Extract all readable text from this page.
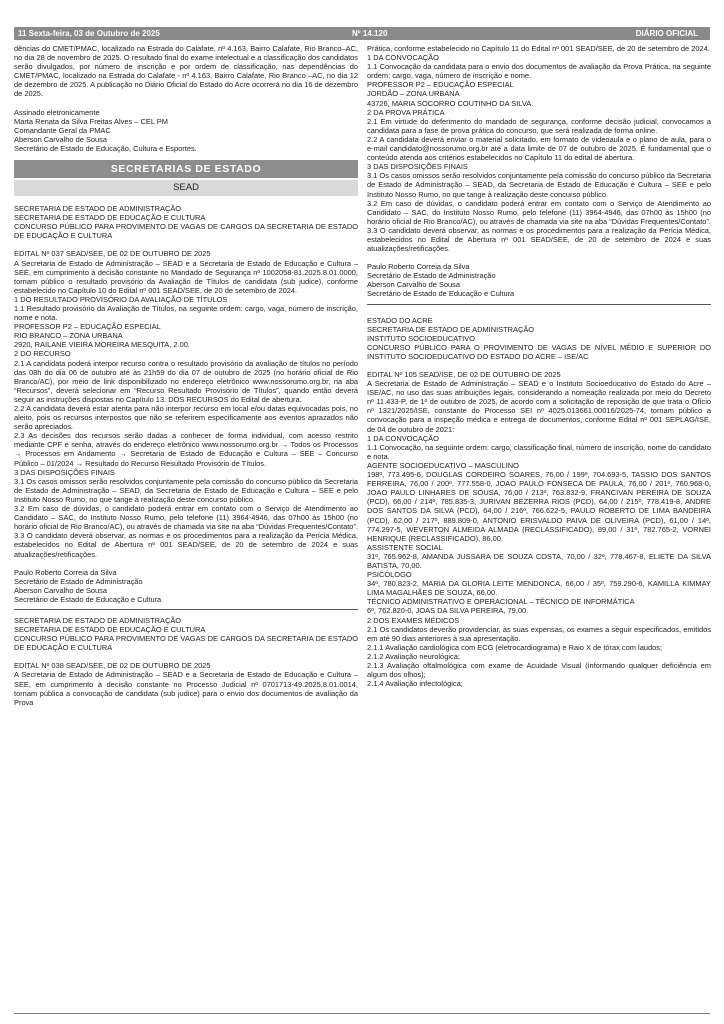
11 Sexta-feira, 03 de Outubro de 2025	Nº 14.120	DIÁRIO OFICIAL

dências do CMET/PMAC, localizado na Estrada do Calafate, nº 4.163, Bairro Calafate, Rio Branco–AC, no dia 28 de novembro de 2025. O resultado final do exame intelectual e a classificação dos candidatos serão divulgados, por número de inscrição e por ordem de classificação, nas dependências do CMET/PMAC, localizado na Estrada do Calafate - nº 4.163, Bairro Calafate, Rio Branco –AC, no dia 12 de dezembro de 2025. A publicação no Diário Oficial do Estado do Acre ocorrerá no dia 16 de dezembro de 2025.

Assinado eletronicamente

Marta Renata da Silva Freitas Alves – CEL PM

Comandante Geral da PMAC

Aberson Carvalho de Sousa

Secretário de Estado de Educação, Cultura e Esportes.

SECRETARIAS DE ESTADO
SEAD

SECRETARIA DE ESTADO DE ADMINISTRAÇÃO

SECRETARIA DE ESTADO DE EDUCAÇÃO E CULTURA

CONCURSO PÚBLICO PARA PROVIMENTO DE VAGAS DE CARGOS DA SECRETARIA DE ESTADO DE EDUCAÇÃO E CULTURA

EDITAL Nº 037 SEAD/SEE, DE 02 DE OUTUBRO DE 2025

A Secretaria de Estado de Administração – SEAD e a Secretaria de Estado de Educação e Cultura – SEE, em cumprimento à decisão constante no Mandado de Segurança nº 1002058-81.2025.8.01.0000, tornam público o resultado provisório da Avaliação de Títulos de candidata (sub judice), conforme estabelecido no Capítulo 10 do Edital nº 001 SEAD/SEE, de 20 de setembro de 2024.

1 DO RESULTADO PROVISÓRIO DA AVALIAÇÃO DE TÍTULOS

1.1 Resultado provisório da Avaliação de Títulos, na seguinte ordem: cargo, vaga, número de inscrição, nome e nota.

PROFESSOR P2 – EDUCAÇÃO ESPECIAL

RIO BRANCO – ZONA URBANA

2920, RAILANE VIEIRA MOREIRA MESQUITA, 2.00.

2 DO RECURSO

2.1 A candidata poderá interpor recurso contra o resultado provisório da avaliação de títulos no período das 08h do dia 06 de outubro até às 21h59 do dia 07 de outubro de 2025 (no horário oficial de Rio Branco/AC), por meio de link disponibilizado no endereço eletrônico www.nossorumo.org.br, na aba “Recursos”, deverá selecionar em “Recurso Resultado Provisório de Títulos”, quando então deverá seguir as instruções dispostas no Capítulo 13. DOS RECURSOS do Edital de abertura.

2.2 A candidata deverá estar atenta para não interpor recurso em local e/ou datas equivocadas pois, no aleito, pois os recursos interpostos que não se referirem especificamente aos eventos aprazados não serão apreciados.

2.3 As decisões dos recursos serão dadas a conhecer de forma individual, com acesso restrito mediante CPF e senha, através do endereço eletrônico www.nossorumo.org.br → Todos os Processos → Processos em Andamento → Secretaria de Estado de Educação e Cultura – SEE – Concurso Público – 01/2024 → Resultado do Recurso Resultado Provisório de Títulos.

3 DAS DISPOSIÇÕES FINAIS

3.1 Os casos omissos serão resolvidos conjuntamente pela comissão do concurso público da Secretaria de Estado de Administração – SEAD, da Secretaria de Estado de Educação e Cultura – SEE e pelo Instituto Nosso Rumo, no que tange à realização deste concurso público.

3.2 Em caso de dúvidas, o candidato poderá entrar em contato com o Serviço de Atendimento ao Candidato – SAC, do Instituto Nosso Rumo, pelo telefone (11) 3964-4946, das 07h00 às 15h00 (no horário oficial de Rio Branco/AC), ou através de chamada via site na aba “Dúvidas Frequentes/Contato”.

3.3 O candidato deverá observar, as normas e os procedimentos para a realização da Perícia Médica, estabelecidos no Edital de Abertura nº 001 SEAD/SEE, de 20 de setembro de 2024 e suas atualizações/retificações.

Paulo Roberto Correia da Silva

Secretário de Estado de Administração

Aberson Carvalho de Sousa

Secretário de Estado de Educação e Cultura

SECRETARIA DE ESTADO DE ADMINISTRAÇÃO

SECRETARIA DE ESTADO DE EDUCAÇÃO E CULTURA

CONCURSO PÚBLICO PARA PROVIMENTO DE VAGAS DE CARGOS DA SECRETARIA DE ESTADO DE EDUCAÇÃO E CULTURA

EDITAL Nº 038 SEAD/SEE, DE 02 DE OUTUBRO DE 2025

A Secretaria de Estado de Administração – SEAD e a Secretaria de Estado de Educação e Cultura – SEE, em cumprimento à decisão constante no Processo Judicial nº 0701713-49.2025.8.01.0014, tornam pública a convocação de candidata (sub judice) para o envio dos documentos de avaliação da Prova

Prática, conforme estabelecido no Capítulo 11 do Edital nº 001 SEAD/SEE, de 20 de setembro de 2024.

1 DA CONVOCAÇÃO

1.1 Convocação da candidata para o envio dos documentos de avaliação da Prova Prática, na seguinte ordem: cargo, vaga, número de inscrição e nome.

PROFESSOR P2 – EDUCAÇÃO ESPECIAL

JORDÃO – ZONA URBANA

43726, MARIA SOCORRO COUTINHO DA SILVA.

2 DA PROVA PRÁTICA

2.1 Em virtude do deferimento do mandado de segurança, conforme decisão judicial, convocamos a candidata para a fase de prova prática do concurso, que será realizada de forma online.

2.2 A candidata deverá enviar o material solicitado, em formato de videoaula e o plano de aula, para o e-mail candidato@nossorumo.org.br até a data limite de 07 de outubro de 2025. É fundamental que o conteúdo atenda aos critérios estabelecidos no Capítulo 11 do edital de abertura.

3 DAS DISPOSIÇÕES FINAIS

3.1 Os casos omissos serão resolvidos conjuntamente pela comissão do concurso público da Secretaria de Estado de Administração – SEAD, da Secretaria de Estado de Educação e Cultura – SEE e pelo Instituto Nosso Rumo, no que tange à realização deste concurso público.

3.2 Em caso de dúvidas, o candidato poderá entrar em contato com o Serviço de Atendimento ao Candidato – SAC, do Instituto Nosso Rumo, pelo telefone (11) 3964-4946, das 07h00 às 15h00 (no horário oficial de Rio Branco/AC), ou através de chamada via site na aba “Dúvidas Frequentes/Contato”.

3.3 O candidato deverá observar, as normas e os procedimentos para a realização da Perícia Médica, estabelecidos no Edital de Abertura nº 001 SEAD/SEE, de 20 de setembro de 2024 e suas atualizações/retificações.

Paulo Roberto Correia da Silva

Secretário de Estado de Administração

Aberson Carvalho de Sousa

Secretário de Estado de Educação e Cultura

ESTADO DO ACRE

SECRETARIA DE ESTADO DE ADMINISTRAÇÃO

INSTITUTO SOCIOEDUCATIVO

CONCURSO PÚBLICO PARA O PROVIMENTO DE VAGAS DE NÍVEL MÉDIO E SUPERIOR DO INSTITUTO SOCIOEDUCATIVO DO ESTADO DO ACRE – ISE/AC

EDITAL Nº 105 SEAD/ISE, DE 02 DE OUTUBRO DE 2025

A Secretaria de Estado de Administração – SEAD e o Instituto Socioeducativo do Estado do Acre – ISE/AC, no uso das suas atribuições legais, considerando a nomeação realizada por meio do Decreto nº 11.433-P, de 1º de outubro de 2025, de acordo com a solicitação de reposição de que trata o Ofício nº 1321/2025/ISE, constante do Processo SEI nº 4025.013661.00016/2025-74, tornam público a convocação para a inspeção médica e entrega de documentos, conforme Edital nº 001 SEPLAG/ISE, de 04 de outubro de 2021:

1 DA CONVOCAÇÃO

1.1 Convocação, na seguinte ordem: cargo, classificação final, número de inscrição, nome do candidato e nota.

AGENTE SOCIOEDUCATIVO – MASCULINO

198º, 773.495-6, DOUGLAS CORDEIRO SOARES, 76,00 / 199º, 704.693-5, TASSIO DOS SANTOS FERREIRA, 76,00 / 200º, 777.558-0, JOAO PAULO FONSECA DE PAULA, 76,00 / 201º, 760.968-0, JOAO PAULO LINHARES DE SOUSA, 76,00 / 213º, 763.832-9, FRANCIVAN PEREIRA DE SOUZA (PCD), 66,00 / 214º, 785.835-3, JURIVAN BEZERRA RIOS (PCD), 64,00 / 215º, 778.419-8, ANDRE DOS SANTOS DA SILVA (PCD), 64,00 / 216º, 766.622-5, PAULO ROBERTO DE LIMA BANDEIRA (PCD), 62,00 / 217º, 889.809-0, ANTONIO ERISVALDO PAIVA DE OLIVEIRA (PCD), 61,00 / 14º, 774.297-5, WEVERTON ALMEIDA ALMADA (RECLASSIFICADO), 89,00 / 31º, 782.765-2, VORNEI HENRIQUE (RECLASSIFICADO), 86,00.

ASSISTENTE SOCIAL

31º, 765.962-8, AMANDA JUSSARA DE SOUZA COSTA, 70,00 / 32º, 778.467-8, ELIETE DA SILVA BATISTA, 70,00.

PSICÓLOGO

34º, 780.823-2, MARIA DA GLORIA LEITE MENDONCA, 66,00 / 35º, 759.290-6, KAMILLA KIMMAY LIMA MAGALHÃES DE SOUZA, 66,00.

TÉCNICO ADMINISTRATIVO E OPERACIONAL – TÉCNICO DE INFORMÁTICA

6º, 762.820-0, JOAS DA SILVA PEREIRA, 79,00.

2 DOS EXAMES MÉDICOS

2.1 Os candidatos deverão providenciar, às suas expensas, os exames a seguir especificados, emitidos em até 90 dias anteriores à sua apresentação.

2.1.1 Avaliação cardiológica com ECG (eletrocardiograma) e Raio X de tórax com laudos;

2.1.2 Avaliação neurológica;

2.1.3 Avaliação oftalmológica com exame de Acuidade Visual (informando qualquer deficiência em algum dos olhos);

2.1.4 Avaliação infectológica;
